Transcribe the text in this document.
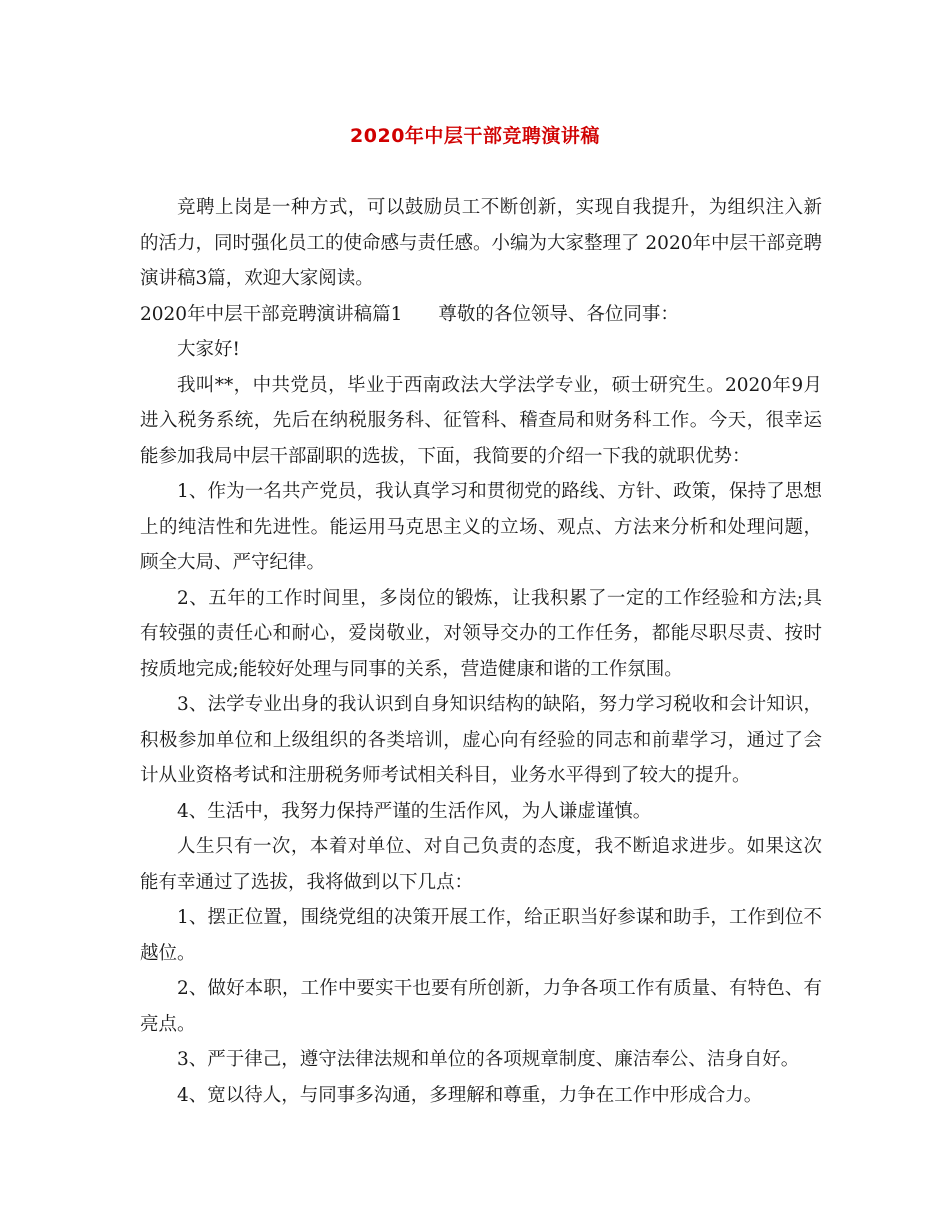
2020年中层干部竞聘演讲稿

竞聘上岗是一种方式，可以鼓励员工不断创新，实现自我提升，为组织注入新的活力，同时强化员工的使命感与责任感。小编为大家整理了 2020年中层干部竞聘演讲稿3篇，欢迎大家阅读。

2020年中层干部竞聘演讲稿篇1 尊敬的各位领导、各位同事：

大家好!

我叫**，中共党员，毕业于西南政法大学法学专业，硕士研究生。2020年9月进入税务系统，先后在纳税服务科、征管科、稽查局和财务科工作。今天，很幸运能参加我局中层干部副职的选拔，下面，我简要的介绍一下我的就职优势：

1、作为一名共产党员，我认真学习和贯彻党的路线、方针、政策，保持了思想上的纯洁性和先进性。能运用马克思主义的立场、观点、方法来分析和处理问题，顾全大局、严守纪律。

2、五年的工作时间里，多岗位的锻炼，让我积累了一定的工作经验和方法;具有较强的责任心和耐心，爱岗敬业，对领导交办的工作任务，都能尽职尽责、按时按质地完成;能较好处理与同事的关系，营造健康和谐的工作氛围。

3、法学专业出身的我认识到自身知识结构的缺陷，努力学习税收和会计知识，积极参加单位和上级组织的各类培训，虚心向有经验的同志和前辈学习，通过了会计从业资格考试和注册税务师考试相关科目，业务水平得到了较大的提升。

4、生活中，我努力保持严谨的生活作风，为人谦虚谨慎。

人生只有一次，本着对单位、对自己负责的态度，我不断追求进步。如果这次能有幸通过了选拔，我将做到以下几点：

1、摆正位置，围绕党组的决策开展工作，给正职当好参谋和助手，工作到位不越位。

2、做好本职，工作中要实干也要有所创新，力争各项工作有质量、有特色、有亮点。

3、严于律己，遵守法律法规和单位的各项规章制度、廉洁奉公、洁身自好。

4、宽以待人，与同事多沟通，多理解和尊重，力争在工作中形成合力。
